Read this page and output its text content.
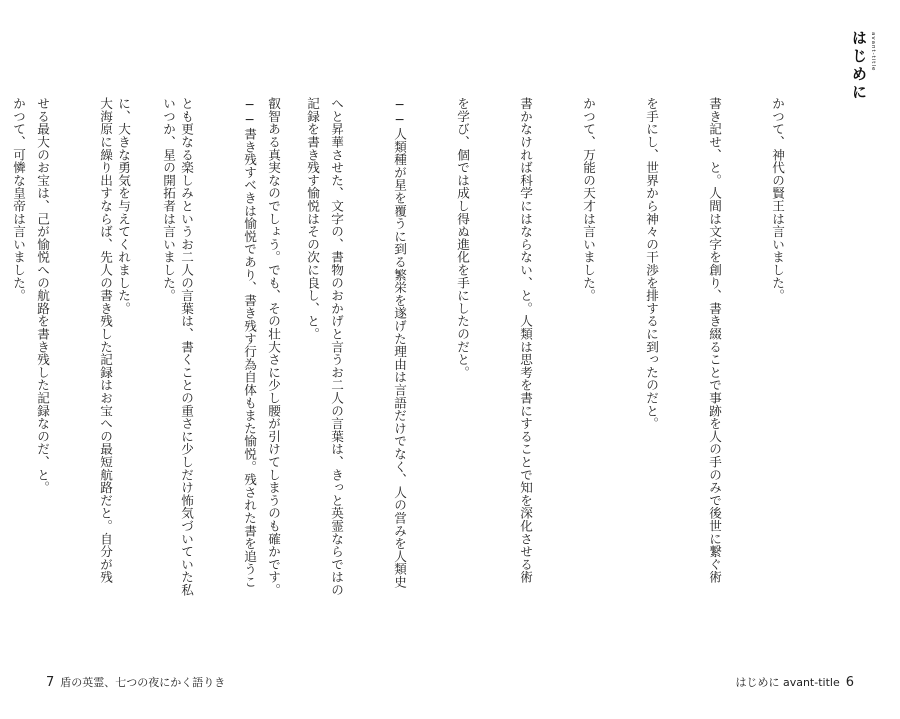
はじめに avant-title

かつて、神代の賢王は言いました。

書き記せ、と。人間は文字を創り、書き綴ることで事跡を人の手のみで後世に繋ぐ術

を手にし、世界から神々の干渉を排するに到ったのだと。

かつて、万能の天才は言いました。

書かなければ科学にはならない、と。人類は思考を書にすることで知を深化させる術

を学び、個では成し得ぬ進化を手にしたのだと。

──人類種が星を覆うに到る繁栄を遂げた理由は言語だけでなく、人の営みを人類史

へと昇華させた、文字の、書物のおかげと言うお二人の言葉は、きっと英霊ならではの

叡智ある真実なのでしょう。でも、その壮大さに少し腰が引けてしまうのも確かです。

いつか、星の開拓者は言いました。

大海原に繰り出すならば、先人の書き残した記録はお宝への最短航路だと。自分が残

せる最大のお宝は、己が愉悦への航路を書き残した記録なのだ、と。

はじめに avant-title 6

記録を書き残す愉悦はその次に良し、と。

──書き残すべきは愉悦であり、書き残す行為自体もまた愉悦。残された書を追うこ

とも更なる楽しみというお二人の言葉は、書くことの重さに少しだけ怖気づいていた私

に、大きな勇気を与えてくれました。

かつて、可憐な皇帝は言いました。

7 盾の英霊、七つの夜にかく語りき
